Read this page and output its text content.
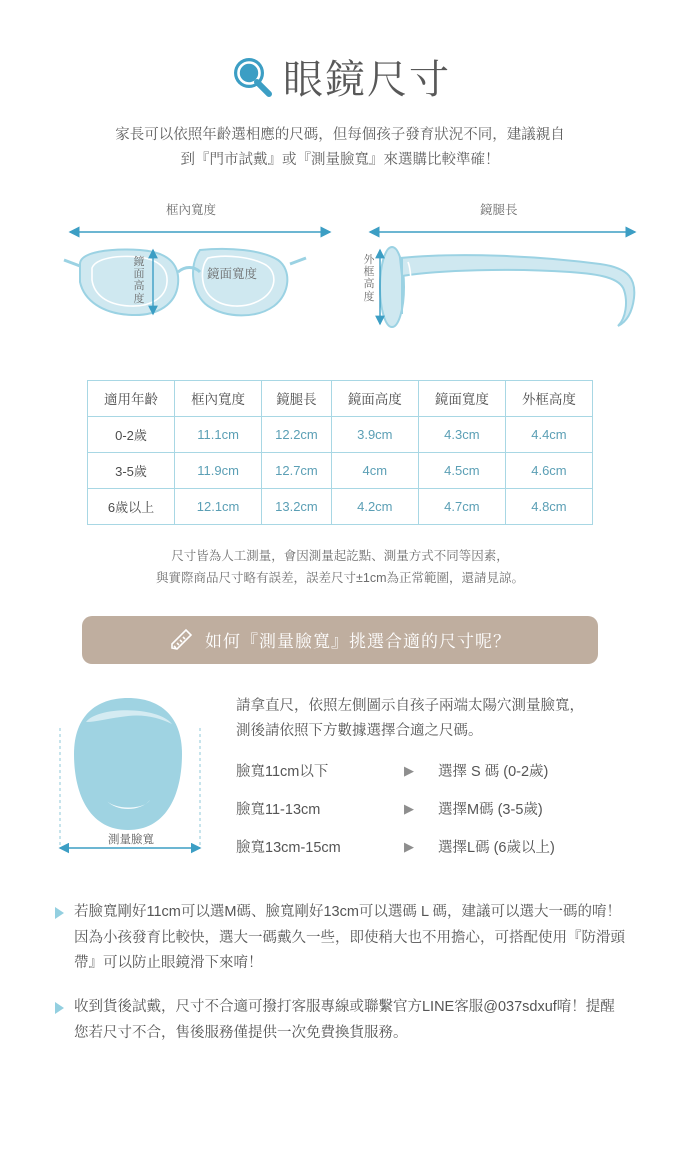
眼鏡尺寸
家長可以依照年齡選相應的尺碼，但每個孩子發育狀況不同，建議親自
到『門市試戴』或『測量臉寬』來選購比較準確！
框內寬度	鏡腿長
鏡面寬度
鏡面高度
外框高度
適用年齡	框內寬度	鏡腿長	鏡面高度	鏡面寬度	外框高度
0-2歲	11.1cm	12.2cm	3.9cm	4.3cm	4.4cm
3-5歲	11.9cm	12.7cm	4cm	4.5cm	4.6cm
6歲以上	12.1cm	13.2cm	4.2cm	4.7cm	4.8cm
尺寸皆為人工測量，會因測量起訖點、測量方式不同等因素，
與實際商品尺寸略有誤差，誤差尺寸±1cm為正常範圍，還請見諒。
如何『測量臉寬』挑選合適的尺寸呢？
測量臉寬
請拿直尺，依照左側圖示自孩子兩端太陽穴測量臉寬，
測後請依照下方數據選擇合適之尺碼。
臉寬11cm以下	▶	選擇 S 碼 (0-2歲)
臉寬11-13cm	▶	選擇M碼 (3-5歲)
臉寬13cm-15cm	▶	選擇L碼 (6歲以上)
若臉寬剛好11cm可以選M碼、臉寬剛好13cm可以選碼 L 碼，建議可以選大一碼的唷！因為小孩發育比較快，選大一碼戴久一些，即使稍大也不用擔心，可搭配使用『防滑頭帶』可以防止眼鏡滑下來唷！
收到貨後試戴，尺寸不合適可撥打客服專線或聯繫官方LINE客服@037sdxuf唷！提醒您若尺寸不合，售後服務僅提供一次免費換貨服務。
